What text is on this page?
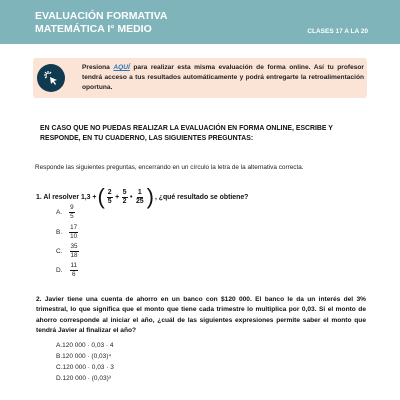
EVALUACIÓN FORMATIVA
MATEMÁTICA I° MEDIO	CLASES 17 A LA 20
Presiona AQUÍ para realizar esta misma evaluación de forma online. Así tu profesor tendrá acceso a tus resultados automáticamente y podrá entregarte la retroalimentación oportuna.
EN CASO QUE NO PUEDAS REALIZAR LA EVALUACIÓN EN FORMA ONLINE, ESCRIBE Y RESPONDE, EN TU CUADERNO, LAS SIGUIENTES PREGUNTAS:
Responde las siguientes preguntas, encerrando en un círculo la letra de la alternativa correcta.
1. Al resolver 1,3 + ( $\frac{2}{5} + \frac{5}{2}$ • $\frac{1}{25}$ ) , ¿qué resultado se obtiene?
A. $\frac{9}{5}$
B. $\frac{17}{10}$
C. $\frac{35}{18}$
D. $\frac{11}{6}$
2. Javier tiene una cuenta de ahorro en un banco con $120 000. El banco le da un interés del 3% trimestral, lo que significa que el monto que tiene cada trimestre lo multiplica por 0,03. Si el monto de ahorro corresponde al iniciar el año, ¿cuál de las siguientes expresiones permite saber el monto que tendrá Javier al finalizar el año?
A.120 000 · 0,03 · 4
B.120 000 · (0,03)⁴
C.120 000 · 0,03 · 3
D.120 000 · (0,03)³
